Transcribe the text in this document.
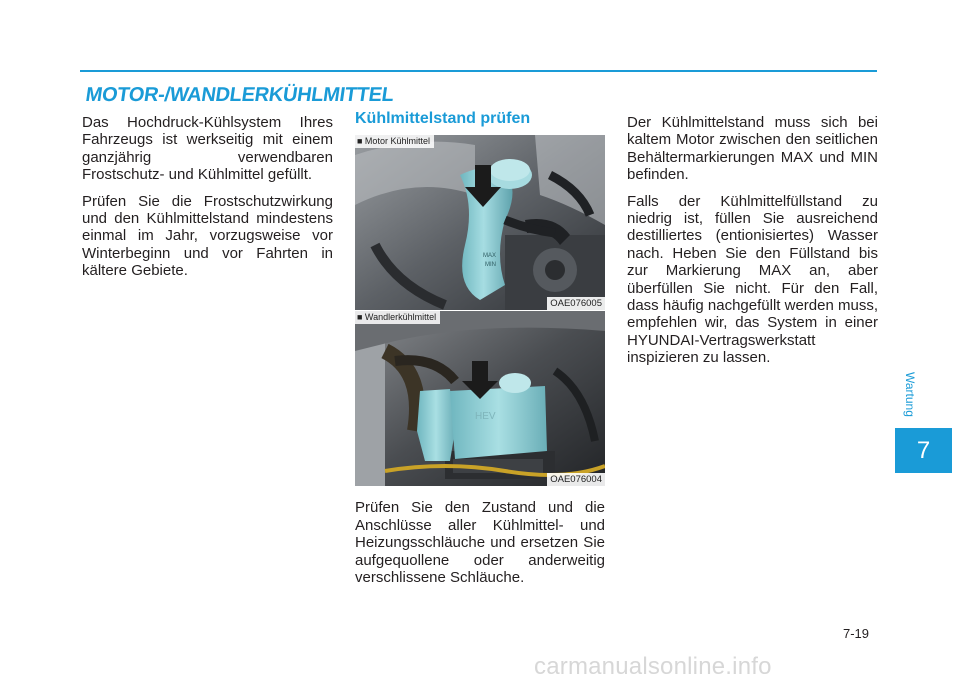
MOTOR-/WANDLERKÜHLMITTEL

Das Hochdruck-Kühlsystem Ihres Fahrzeugs ist werkseitig mit einem ganzjährig verwendbaren Frostschutz- und Kühlmittel gefüllt.

Prüfen Sie die Frostschutzwirkung und den Kühlmittelstand mindestens einmal im Jahr, vorzugsweise vor Winterbeginn und vor Fahrten in kältere Gebiete.

Kühlmittelstand prüfen
MAX
MIN
■ Motor Kühlmittel
OAE076005
HEV
■ Wandlerkühlmittel
OAE076004

Prüfen Sie den Zustand und die Anschlüsse aller Kühlmittel- und Heizungsschläuche und ersetzen Sie aufgequollene oder anderweitig verschlissene Schläuche.

Der Kühlmittelstand muss sich bei kaltem Motor zwischen den seitlichen Behältermarkierungen MAX und MIN befinden.

Falls der Kühlmittelfüllstand zu niedrig ist, füllen Sie ausreichend destilliertes (entionisiertes) Wasser nach. Heben Sie den Füllstand bis zur Markierung MAX an, aber überfüllen Sie nicht. Für den Fall, dass häufig nachgefüllt werden muss, empfehlen wir, das System in einer HYUNDAI-Vertragswerkstatt inspizieren zu lassen.

Wartung
7
7-19
carmanualsonline.info
